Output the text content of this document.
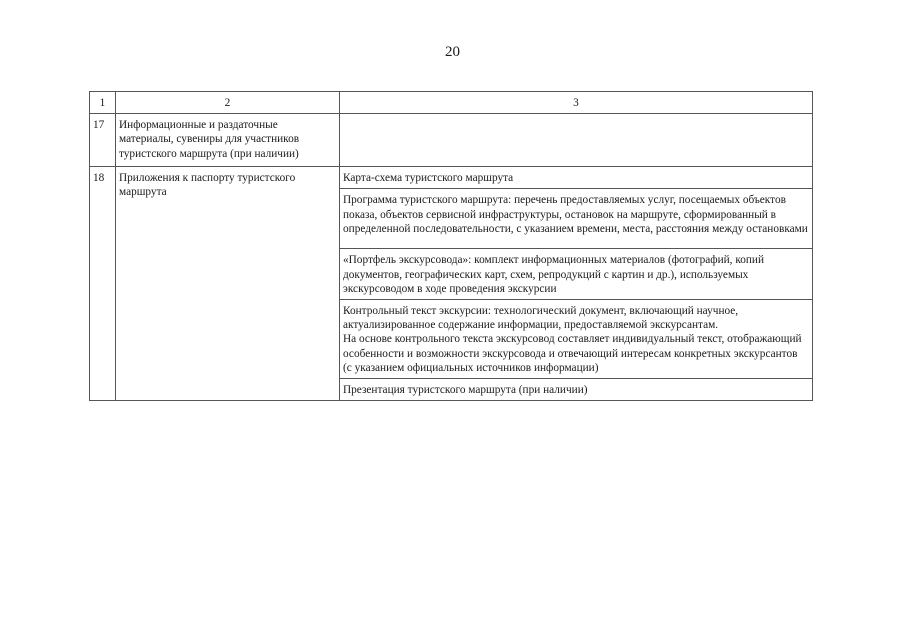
20
1	2	3
17	Информационные и раздаточные материалы, сувениры для участников туристского маршрута (при наличии)	
18	Приложения к паспорту туристского маршрута	Карта-схема туристского маршрута
		Программа туристского маршрута: перечень предоставляемых услуг, посещаемых объектов показа, объектов сервисной инфраструктуры, остановок на маршруте, сформированный в определенной последовательности, с указанием времени, места, расстояния между остановками
		«Портфель экскурсовода»: комплект информационных материалов (фотографий, копий документов, географических карт, схем, репродукций с картин и др.), используемых экскурсоводом в ходе проведения экскурсии

		Контрольный текст экскурсии: технологический документ, включающий научное, актуализированное содержание информации, предоставляемой экскурсантам.
На основе контрольного текста экскурсовод составляет индивидуальный текст, отображающий особенности и возможности экскурсовода и отвечающий интересам конкретных экскурсантов (с указанием официальных источников информации)

		Презентация туристского маршрута (при наличии)
